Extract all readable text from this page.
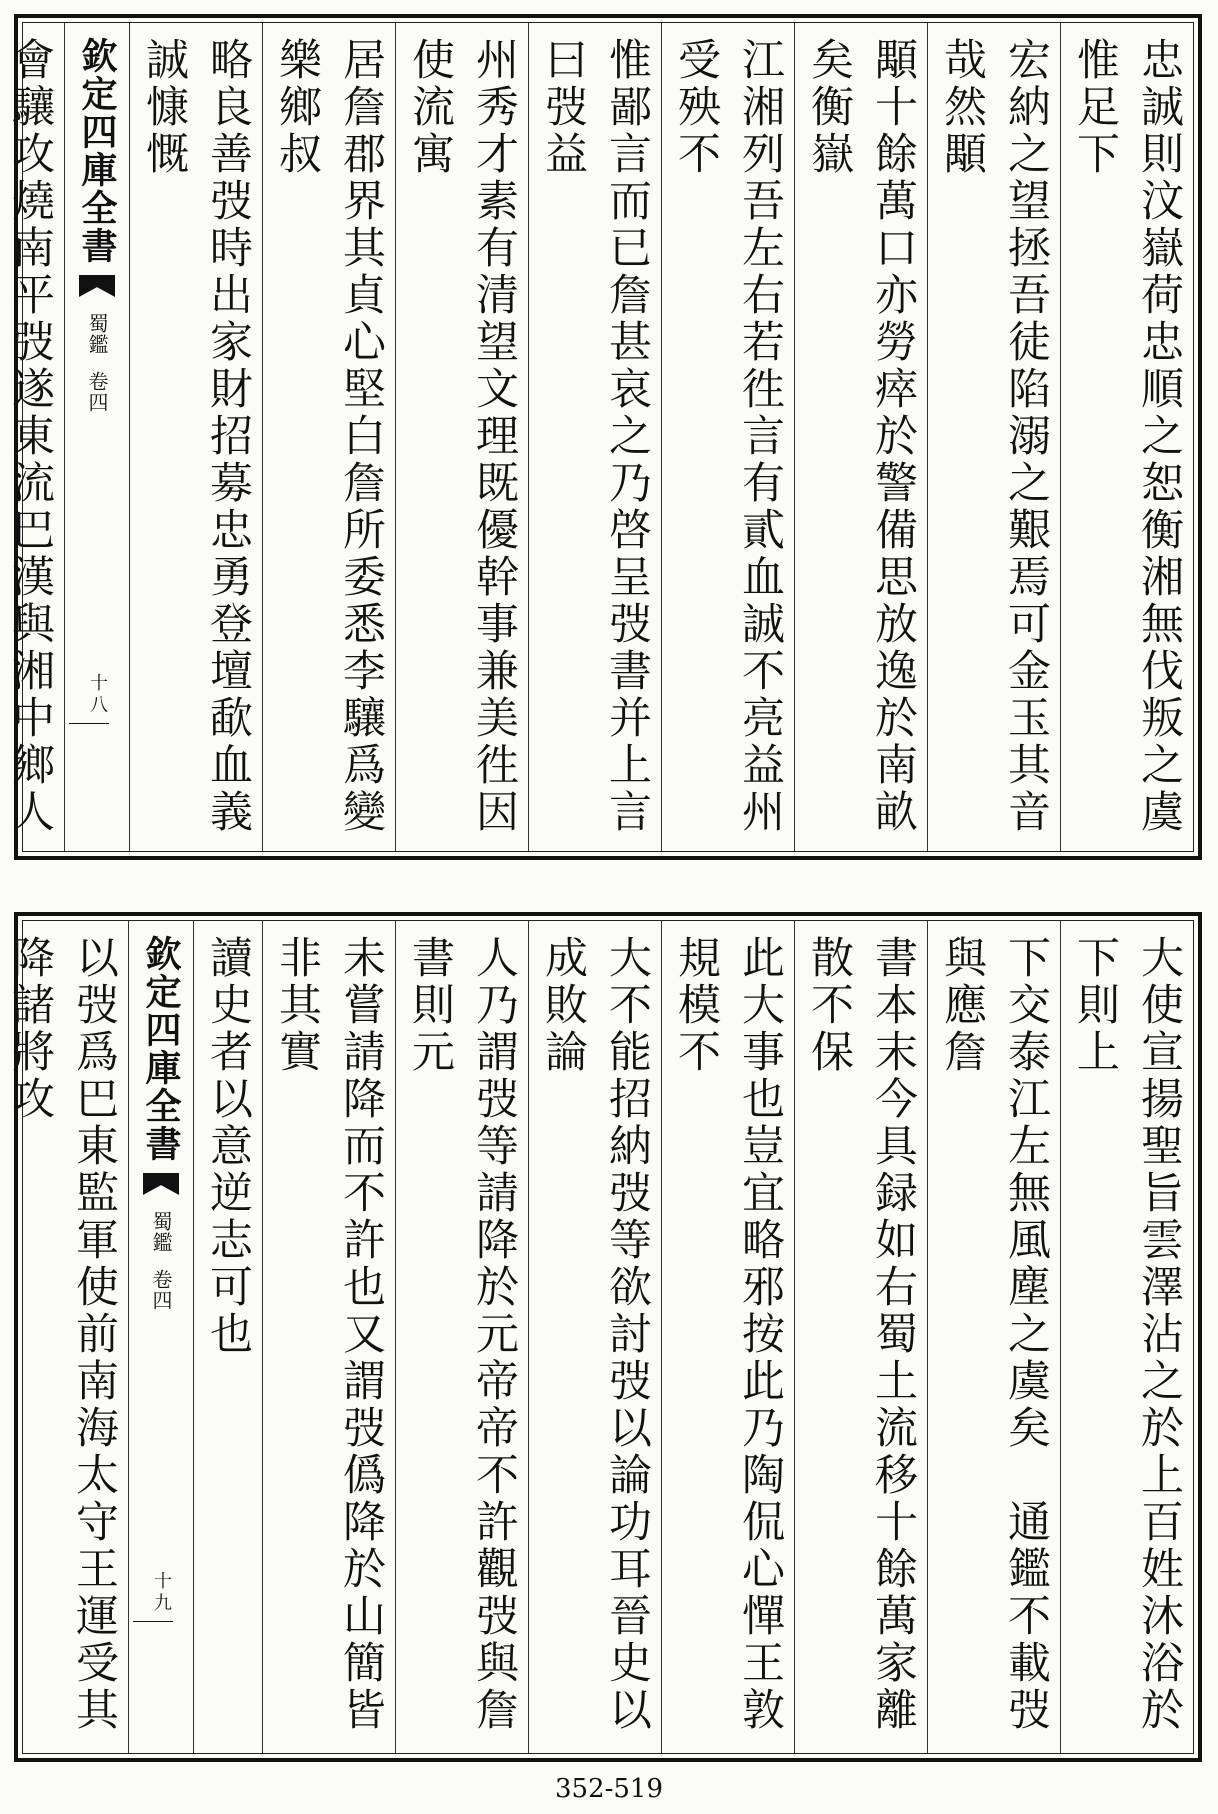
忠誠則汶嶽荷忠順之恕衡湘無伐叛之虞惟足下
宏納之望拯吾徒陷溺之艱焉可金玉其音哉然顒
顒十餘萬口亦勞瘁於警備思放逸於南畝矣衡嶽
江湘列吾左右若徃言有貳血誠不亮益州受殃不
惟鄙言而已詹甚哀之乃啓呈弢書并上言曰弢益
州秀才素有清望文理既優幹事兼美徃因使流寓
居詹郡界其貞心堅白詹所委悉李驤爲變樂鄉叔
略良善弢時出家財招募忠勇登壇歃血義誠慷慨
欽定四庫全書
蜀鑑
卷四
十八
會驤攻燒南平弢遂東流巴漢與湘中鄉人
大使宣揚聖旨雲澤沾之於上百姓沐浴於下則上
下交泰江左無風塵之虞矣　通鑑不載弢與應詹
書本末今具録如右蜀土流移十餘萬家離散不保
此大事也豈宜略邪按此乃陶侃心憚王敦規模不
大不能招納弢等欲討弢以論功耳晉史以成敗論
人乃謂弢等請降於元帝帝不許觀弢與詹書則元
未嘗請降而不許也又謂弢僞降於山簡皆非其實
讀史者以意逆志可也
欽定四庫全書
蜀鑑
卷四
十九
以弢爲巴東監軍使前南海太守王運受其降諸將攻
352-519
